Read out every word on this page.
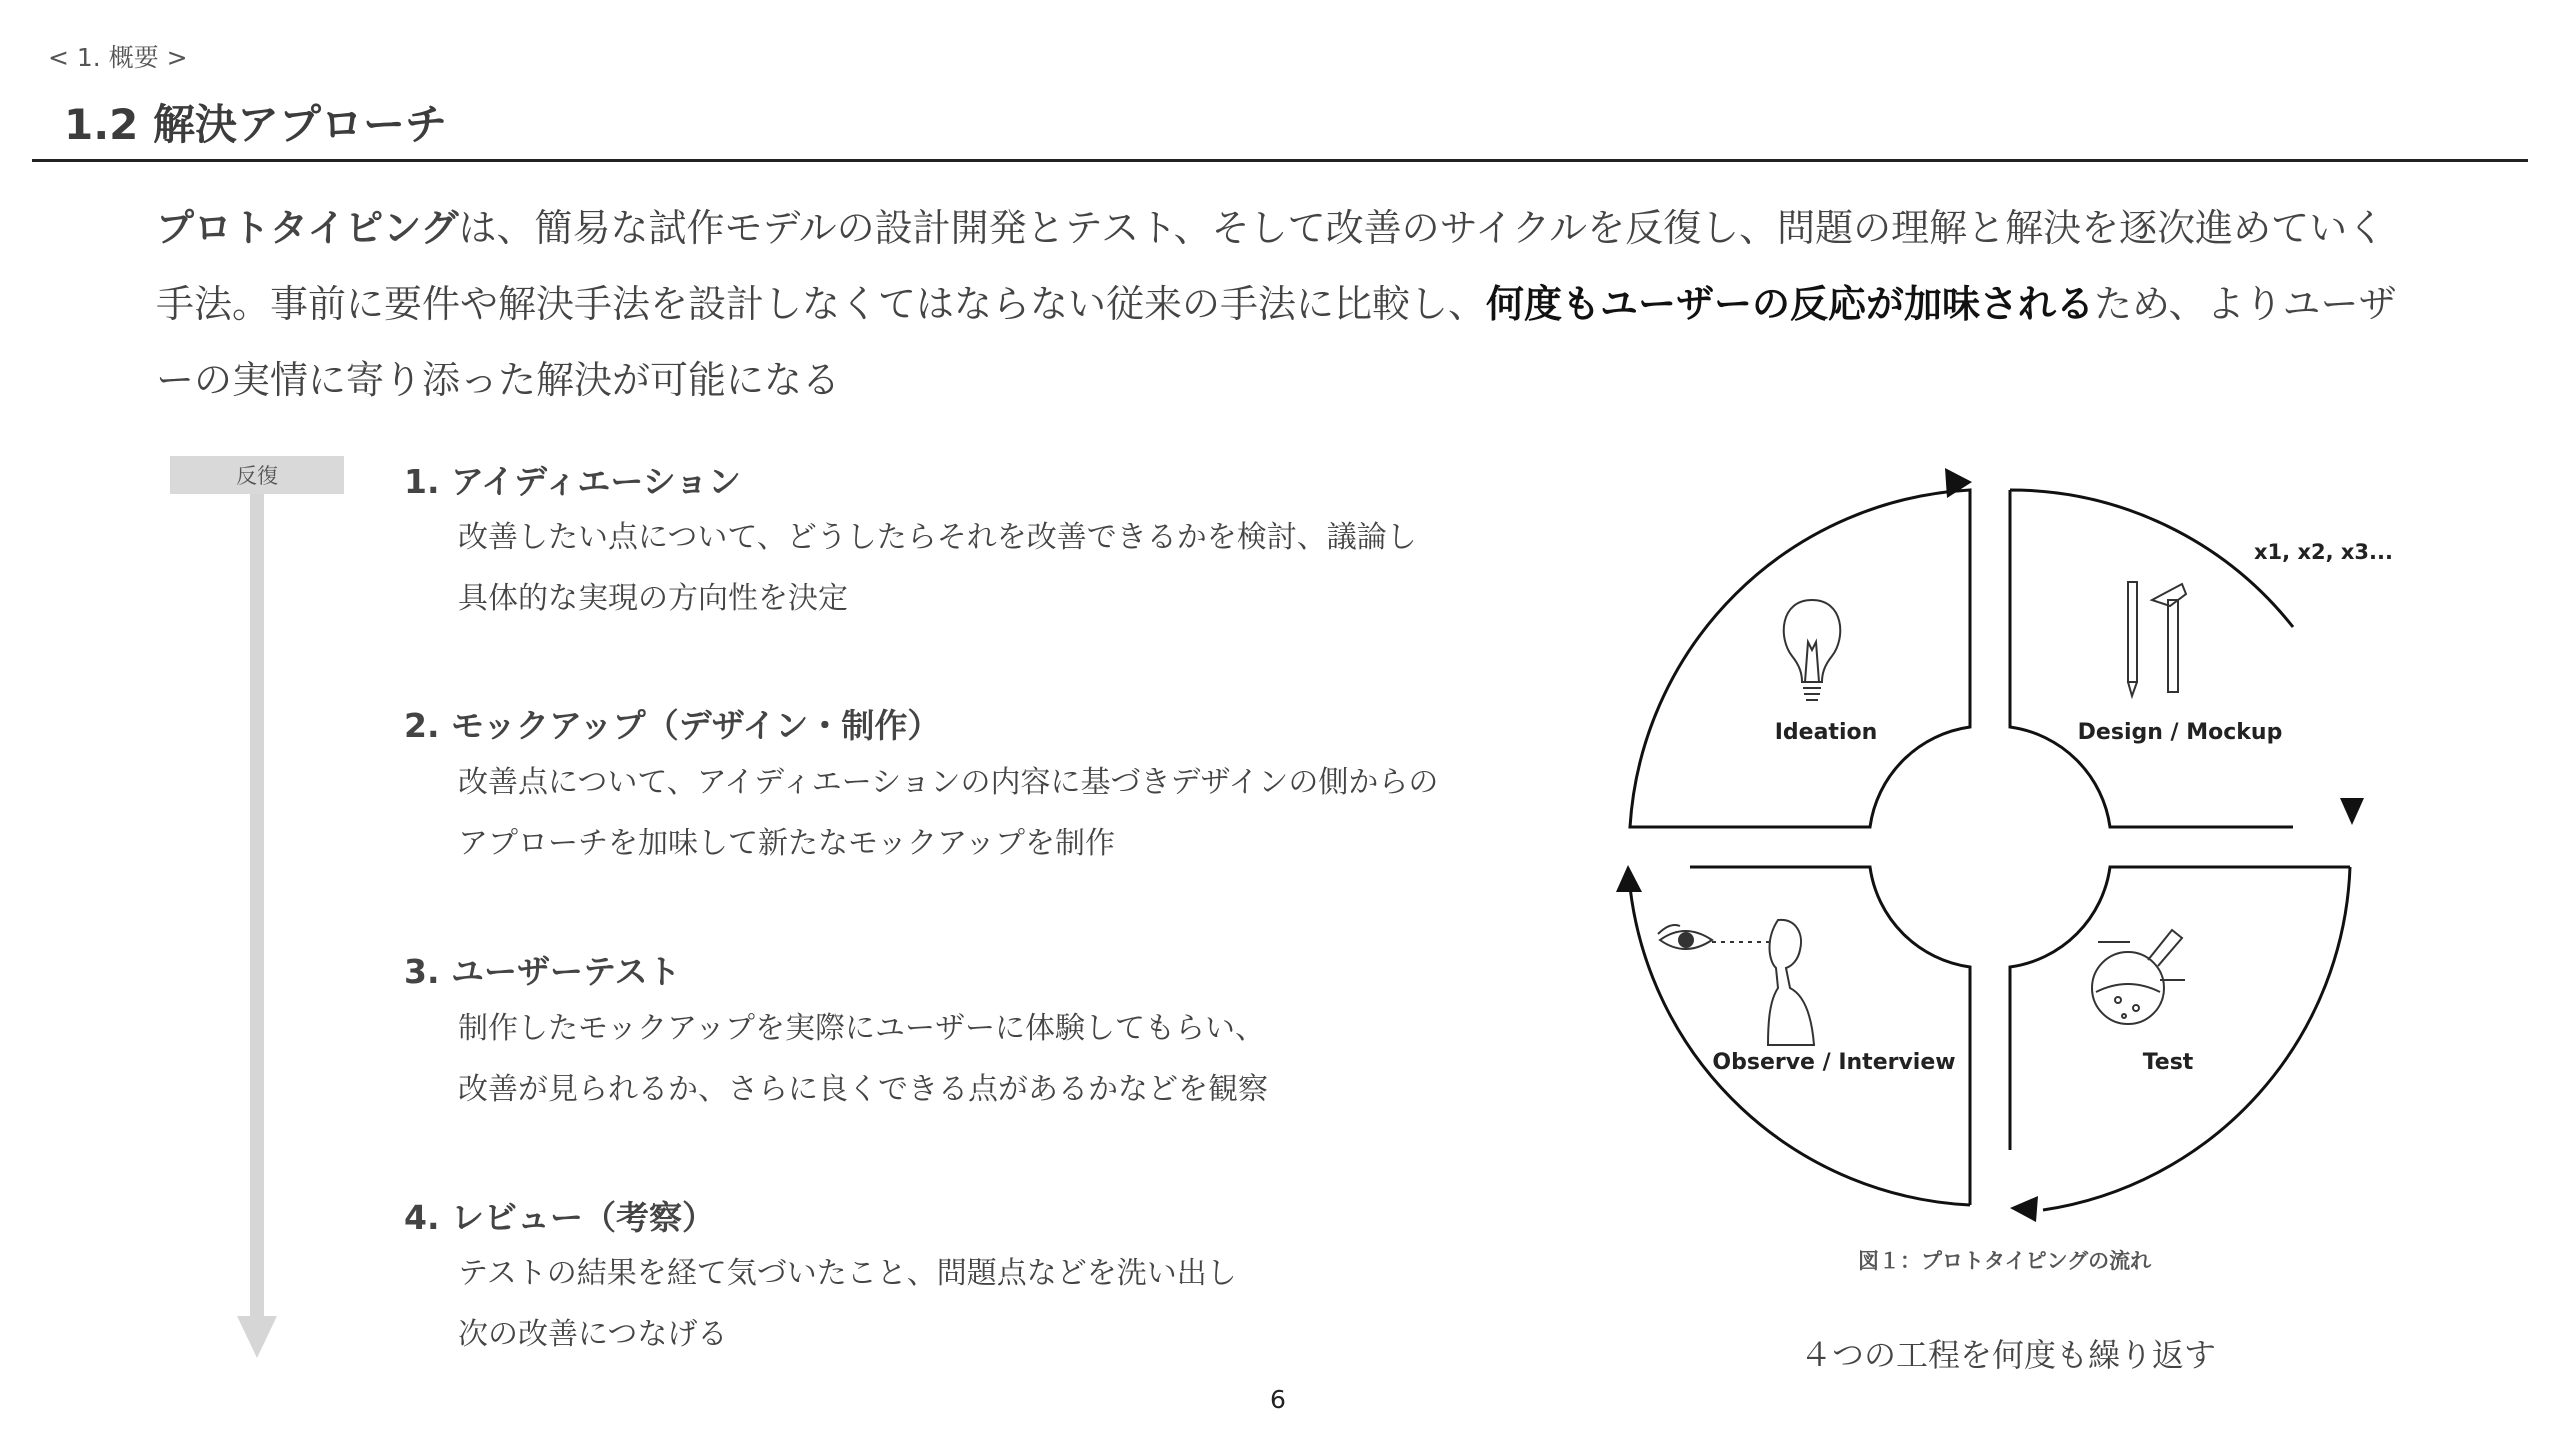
< 1. 概要 >
1.2 解決アプローチ
プロトタイピングは、簡易な試作モデルの設計開発とテスト、そして改善のサイクルを反復し、問題の理解と解決を逐次進めていく手法。事前に要件や解決手法を設計しなくてはならない従来の手法に比較し、何度もユーザーの反応が加味されるため、よりユーザーの実情に寄り添った解決が可能になる
反復	1. アイディエーション
改善したい点について、どうしたらそれを改善できるかを検討、議論し
具体的な実現の方向性を決定
2. モックアップ（デザイン・制作）
改善点について、アイディエーションの内容に基づきデザインの側からの
アプローチを加味して新たなモックアップを制作
3. ユーザーテスト
制作したモックアップを実際にユーザーに体験してもらい、
改善が見られるか、さらに良くできる点があるかなどを観察
4. レビュー（考察）
テストの結果を経て気づいたこと、問題点などを洗い出し
次の改善につなげる
Ideation	Design / Mockup
Observe / Interview	Test
x1, x2, x3...
図１：プロトタイピングの流れ
４つの工程を何度も繰り返す
6
